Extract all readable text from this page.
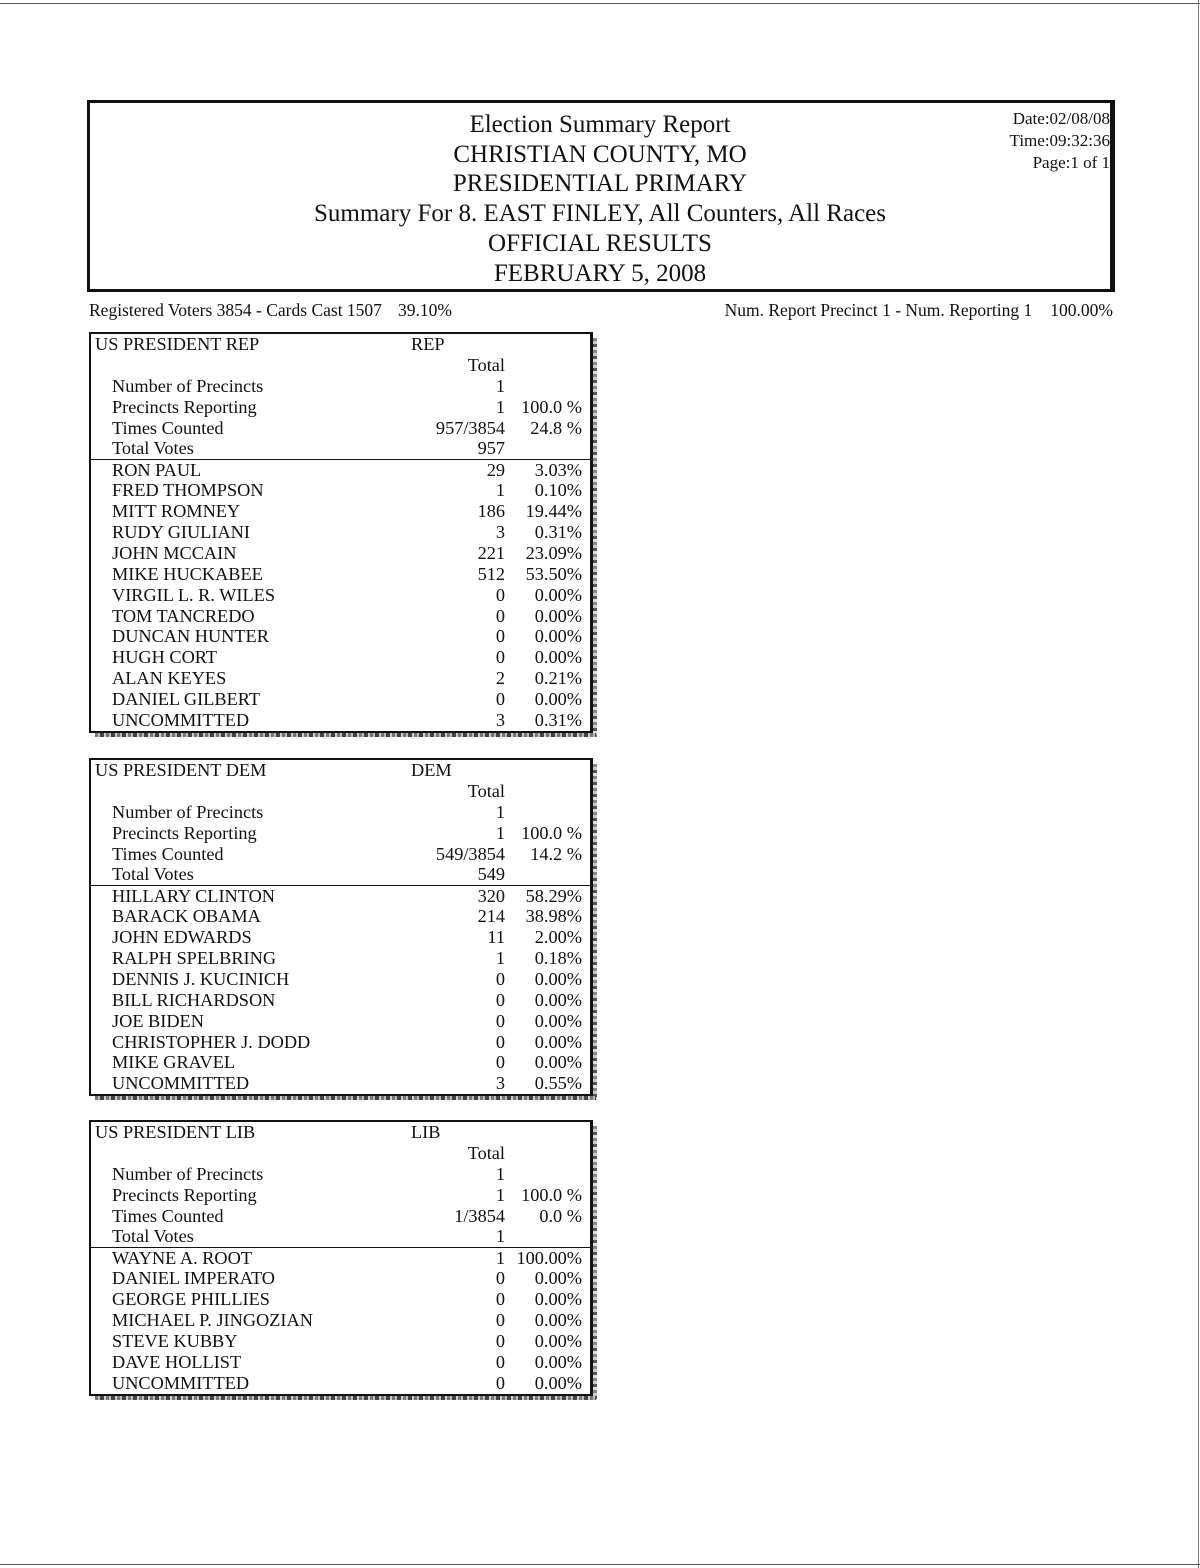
Election Summary Report
CHRISTIAN COUNTY, MO
PRESIDENTIAL PRIMARY
Summary For 8. EAST FINLEY, All Counters, All Races
OFFICIAL RESULTS
FEBRUARY 5, 2008
Date:02/08/08
Time:09:32:36
Page:1 of 1
Registered Voters 3854 - Cards Cast 1507 39.10%	Num. Report Precinct 1 - Num. Reporting 1 100.00%
US PRESIDENT REP	REP
Total
Number of Precincts	1
Precincts Reporting	1 100.0 %
Times Counted	957/3854 24.8 %
Total Votes	957
RON PAUL	29 3.03%
FRED THOMPSON	1 0.10%
MITT ROMNEY	186 19.44%
RUDY GIULIANI	3 0.31%
JOHN MCCAIN	221 23.09%
MIKE HUCKABEE	512 53.50%
VIRGIL L. R. WILES	0 0.00%
TOM TANCREDO	0 0.00%
DUNCAN HUNTER	0 0.00%
HUGH CORT	0 0.00%
ALAN KEYES	2 0.21%
DANIEL GILBERT	0 0.00%
UNCOMMITTED	3 0.31%
US PRESIDENT DEM	DEM
Total
Number of Precincts	1
Precincts Reporting	1 100.0 %
Times Counted	549/3854 14.2 %
Total Votes	549
HILLARY CLINTON	320 58.29%
BARACK OBAMA	214 38.98%
JOHN EDWARDS	11 2.00%
RALPH SPELBRING	1 0.18%
DENNIS J. KUCINICH	0 0.00%
BILL RICHARDSON	0 0.00%
JOE BIDEN	0 0.00%
CHRISTOPHER J. DODD	0 0.00%
MIKE GRAVEL	0 0.00%
UNCOMMITTED	3 0.55%
US PRESIDENT LIB	LIB
Total
Number of Precincts	1
Precincts Reporting	1 100.0 %
Times Counted	1/3854 0.0 %
Total Votes	1
WAYNE A. ROOT	1 100.00%
DANIEL IMPERATO	0 0.00%
GEORGE PHILLIES	0 0.00%
MICHAEL P. JINGOZIAN	0 0.00%
STEVE KUBBY	0 0.00%
DAVE HOLLIST	0 0.00%
UNCOMMITTED	0 0.00%
